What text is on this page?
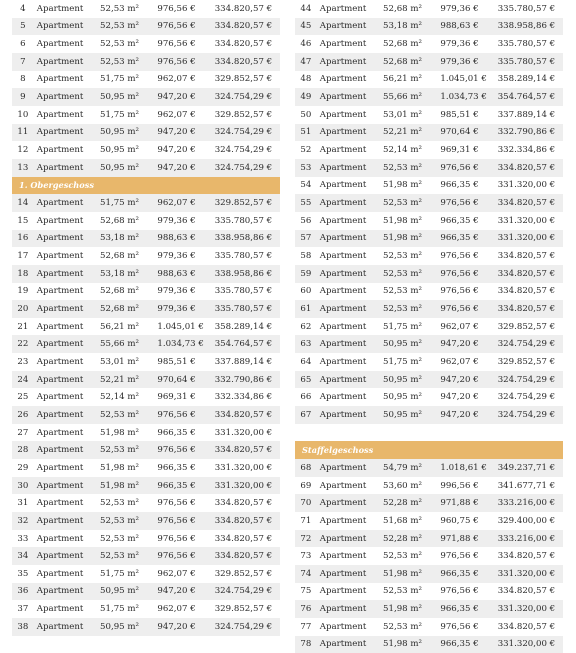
4	Apartment	52,53 m²	976,56 €	334.820,57 €
5	Apartment	52,53 m²	976,56 €	334.820,57 €
6	Apartment	52,53 m²	976,56 €	334.820,57 €
7	Apartment	52,53 m²	976,56 €	334.820,57 €
8	Apartment	51,75 m²	962,07 €	329.852,57 €
9	Apartment	50,95 m²	947,20 €	324.754,29 €
10 Apartment	51,75 m²	962,07 €	329.852,57 €
11 Apartment	50,95 m²	947,20 €	324.754,29 €
12 Apartment	50,95 m²	947,20 €	324.754,29 €
13 Apartment	50,95 m²	947,20 €	324.754,29 €
1. Obergeschoss
14 Apartment	51,75 m²	962,07 €	329.852,57 €
15 Apartment	52,68 m²	979,36 €	335.780,57 €
16 Apartment	53,18 m²	988,63 €	338.958,86 €
17 Apartment	52,68 m²	979,36 €	335.780,57 €
18 Apartment	53,18 m²	988,63 €	338.958,86 €
19 Apartment	52,68 m²	979,36 €	335.780,57 €
20 Apartment	52,68 m²	979,36 €	335.780,57 €
21 Apartment	56,21 m²	1.045,01 €	358.289,14 €
22 Apartment	55,66 m²	1.034,73 €	354.764,57 €
23 Apartment	53,01 m²	985,51 €	337.889,14 €
24 Apartment	52,21 m²	970,64 €	332.790,86 €
25 Apartment	52,14 m²	969,31 €	332.334,86 €
26 Apartment	52,53 m²	976,56 €	334.820,57 €
27 Apartment	51,98 m²	966,35 €	331.320,00 €
28 Apartment	52,53 m²	976,56 €	334.820,57 €
29 Apartment	51,98 m²	966,35 €	331.320,00 €
30 Apartment	51,98 m²	966,35 €	331.320,00 €
31 Apartment	52,53 m²	976,56 €	334.820,57 €
32 Apartment	52,53 m²	976,56 €	334.820,57 €
33 Apartment	52,53 m²	976,56 €	334.820,57 €
34 Apartment	52,53 m²	976,56 €	334.820,57 €
35 Apartment	51,75 m²	962,07 €	329.852,57 €
36 Apartment	50,95 m²	947,20 €	324.754,29 €
37 Apartment	51,75 m²	962,07 €	329.852,57 €
38 Apartment	50,95 m²	947,20 €	324.754,29 €
44 Apartment	52,68 m²	979,36 €	335.780,57 €
45 Apartment	53,18 m²	988,63 €	338.958,86 €
46 Apartment	52,68 m²	979,36 €	335.780,57 €
47 Apartment	52,68 m²	979,36 €	335.780,57 €
48 Apartment	56,21 m²	1.045,01 €	358.289,14 €
49 Apartment	55,66 m²	1.034,73 €	354.764,57 €
50 Apartment	53,01 m²	985,51 €	337.889,14 €
51 Apartment	52,21 m²	970,64 €	332.790,86 €
52 Apartment	52,14 m²	969,31 €	332.334,86 €
53 Apartment	52,53 m²	976,56 €	334.820,57 €
54 Apartment	51,98 m²	966,35 €	331.320,00 €
55 Apartment	52,53 m²	976,56 €	334.820,57 €
56 Apartment	51,98 m²	966,35 €	331.320,00 €
57 Apartment	51,98 m²	966,35 €	331.320,00 €
58 Apartment	52,53 m²	976,56 €	334.820,57 €
59 Apartment	52,53 m²	976,56 €	334.820,57 €
60 Apartment	52,53 m²	976,56 €	334.820,57 €
61 Apartment	52,53 m²	976,56 €	334.820,57 €
62 Apartment	51,75 m²	962,07 €	329.852,57 €
63 Apartment	50,95 m²	947,20 €	324.754,29 €
64 Apartment	51,75 m²	962,07 €	329.852,57 €
65 Apartment	50,95 m²	947,20 €	324.754,29 €
66 Apartment	50,95 m²	947,20 €	324.754,29 €
67 Apartment	50,95 m²	947,20 €	324.754,29 €
Staffelgeschoss
68 Apartment	54,79 m²	1.018,61 €	349.237,71 €
69 Apartment	53,60 m²	996,56 €	341.677,71 €
70 Apartment	52,28 m²	971,88 €	333.216,00 €
71 Apartment	51,68 m²	960,75 €	329.400,00 €
72 Apartment	52,28 m²	971,88 €	333.216,00 €
73 Apartment	52,53 m²	976,56 €	334.820,57 €
74 Apartment	51,98 m²	966,35 €	331.320,00 €
75 Apartment	52,53 m²	976,56 €	334.820,57 €
76 Apartment	51,98 m²	966,35 €	331.320,00 €
77 Apartment	52,53 m²	976,56 €	334.820,57 €
78 Apartment	51,98 m²	966,35 €	331.320,00 €
